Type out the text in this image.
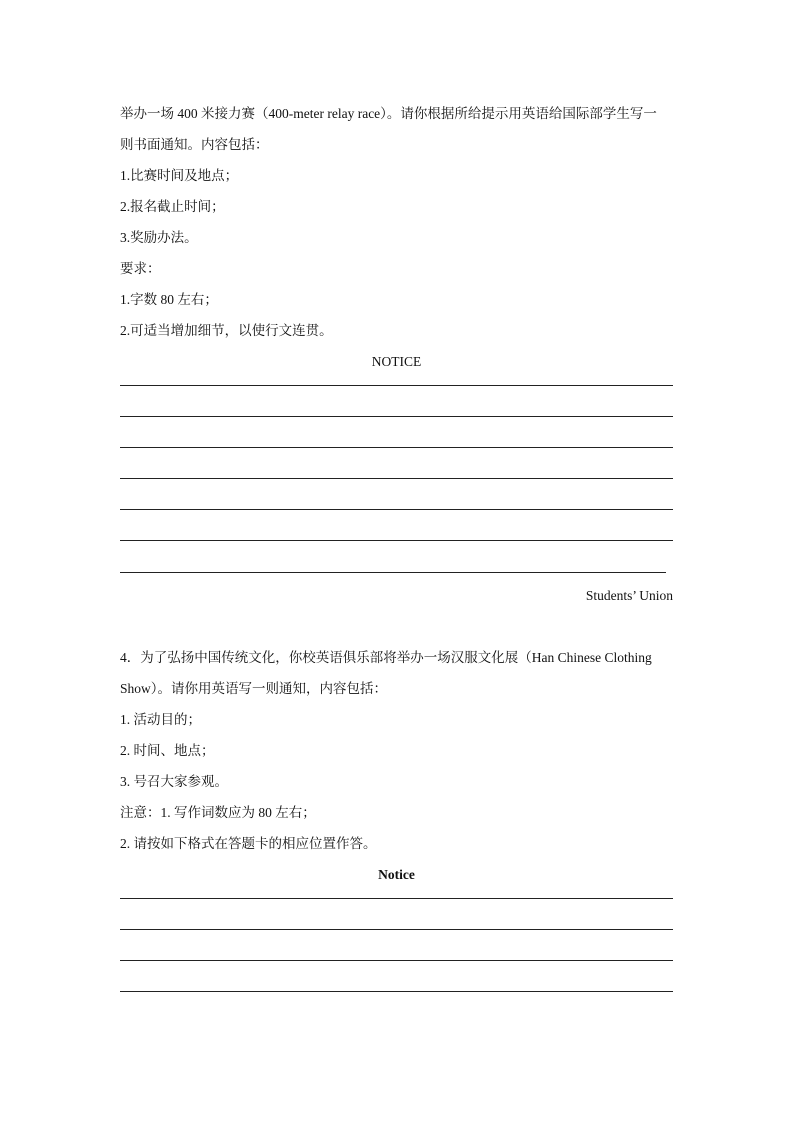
举办一场 400 米接力赛（400-meter relay race）。请你根据所给提示用英语给国际部学生写一
则书面通知。内容包括：
1.比赛时间及地点；
2.报名截止时间；
3.奖励办法。
要求：
1.字数 80 左右；
2.可适当增加细节，以使行文连贯。
NOTICE
Students’ Union
4．为了弘扬中国传统文化，你校英语俱乐部将举办一场汉服文化展（Han Chinese Clothing
Show）。请你用英语写一则通知，内容包括：
1. 活动目的；
2. 时间、地点；
3. 号召大家参观。
注意：1. 写作词数应为 80 左右；
2. 请按如下格式在答题卡的相应位置作答。
Notice
